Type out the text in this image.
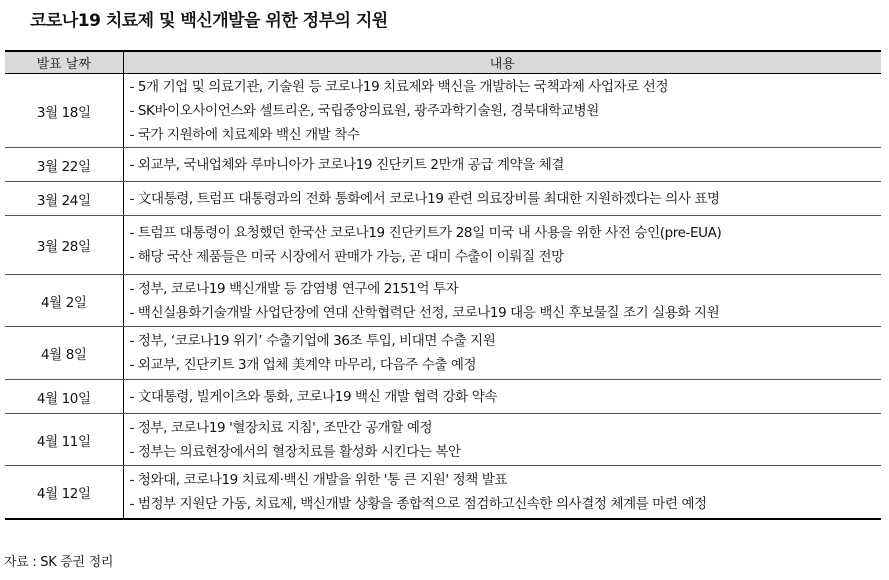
코로나19 치료제 및 백신개발을 위한 정부의 지원
발표 날짜	내용
3월 18일	- 5개 기업 및 의료기관, 기술원 등 코로나19 치료제와 백신을 개발하는 국책과제 사업자로 선정
- SK바이오사이언스와 셀트리온, 국립중앙의료원, 광주과학기술원, 경북대학교병원
- 국가 지원하에 치료제와 백신 개발 착수

3월 22일	- 외교부, 국내업체와 루마니아가 코로나19 진단키트 2만개 공급 계약을 체결

3월 24일	- 文대통령, 트럼프 대통령과의 전화 통화에서 코로나19 관련 의료장비를 최대한 지원하겠다는 의사 표명

3월 28일	- 트럼프 대통령이 요청했던 한국산 코로나19 진단키트가 28일 미국 내 사용을 위한 사전 승인(pre-EUA)
- 해당 국산 제품들은 미국 시장에서 판매가 가능, 곧 대미 수출이 이뤄질 전망

4월 2일	- 정부, 코로나19 백신개발 등 감염병 연구에 2151억 투자
- 백신실용화기술개발 사업단장에 연대 산학협력단 선정, 코로나19 대응 백신 후보물질 조기 실용화 지원

4월 8일	- 정부, ‘코로나19 위기’ 수출기업에 36조 투입, 비대면 수출 지원
- 외교부, 진단키트 3개 업체 美계약 마무리, 다음주 수출 예정

4월 10일	- 文대통령, 빌게이츠와 통화, 코로나19 백신 개발 협력 강화 약속

4월 11일	- 정부, 코로나19 '혈장치료 지침', 조만간 공개할 예정
- 정부는 의료현장에서의 혈장치료를 활성화 시킨다는 복안

4월 12일	- 청와대, 코로나19 치료제·백신 개발을 위한 '통 큰 지원' 정책 발표
- 범정부 지원단 가동, 치료제, 백신개발 상황을 종합적으로 점검하고신속한 의사결정 체계를 마련 예정
자료 : SK 증권 정리
